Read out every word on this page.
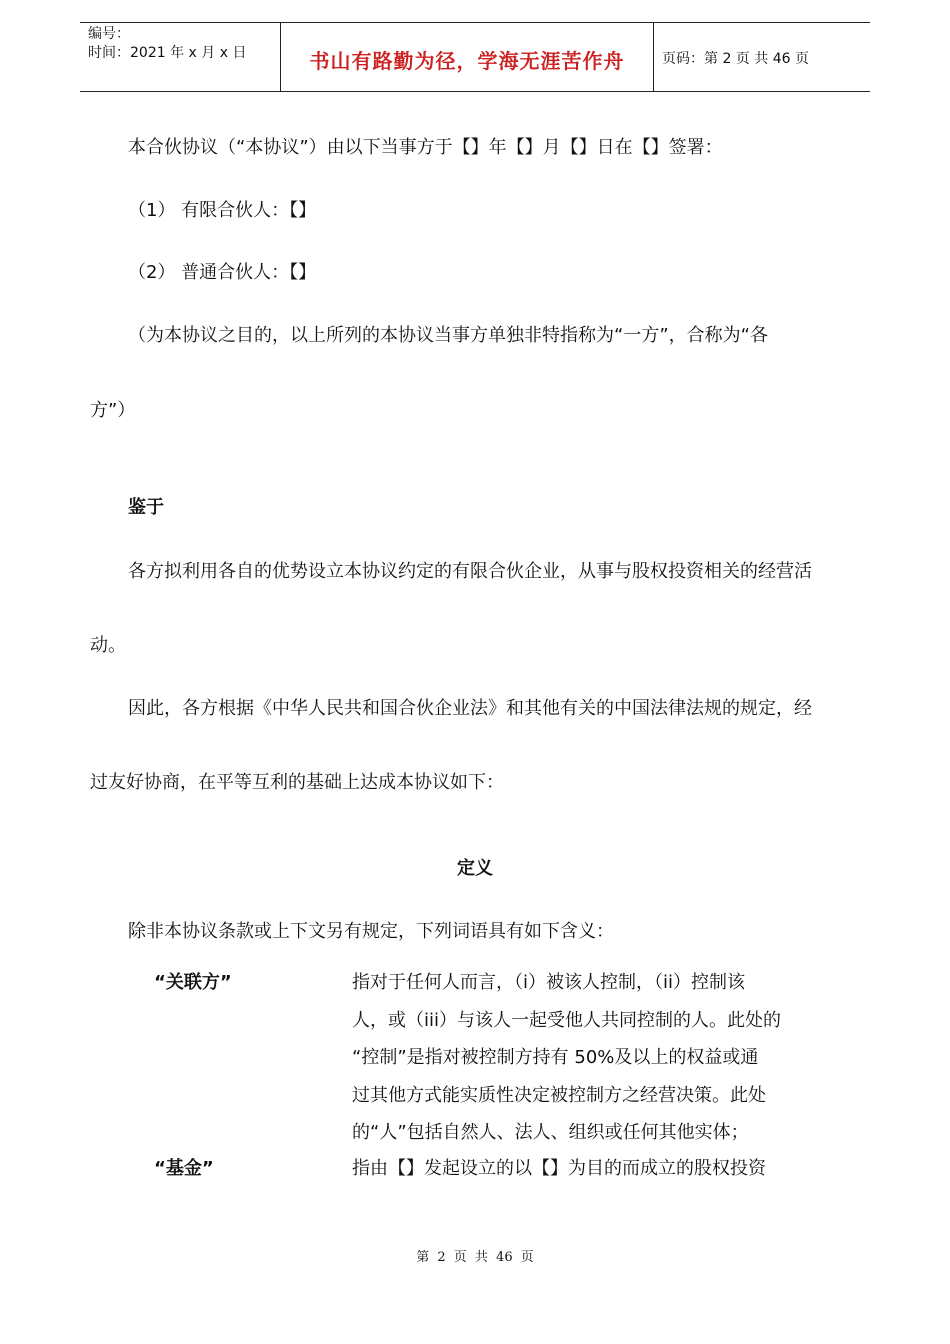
编号：
时间：2021 年 x 月 x 日	书山有路勤为径，学海无涯苦作舟	页码：第 2 页 共 46 页
本合伙协议（“本协议”）由以下当事方于【】年【】月【】日在【】签署：
（1） 有限合伙人：【】
（2） 普通合伙人：【】
（为本协议之目的，以上所列的本协议当事方单独非特指称为“一方”，合称为“各
方”）
鉴于
各方拟利用各自的优势设立本协议约定的有限合伙企业，从事与股权投资相关的经营活
动。
因此，各方根据《中华人民共和国合伙企业法》和其他有关的中国法律法规的规定，经
过友好协商，在平等互利的基础上达成本协议如下：
定义
除非本协议条款或上下文另有规定，下列词语具有如下含义：
“关联方”	指对于任何人而言，（i）被该人控制，（ii）控制该
人，或（iii）与该人一起受他人共同控制的人。此处的
“控制”是指对被控制方持有 50%及以上的权益或通
过其他方式能实质性决定被控制方之经营决策。此处
的“人”包括自然人、法人、组织或任何其他实体；
“基金”	指由【】发起设立的以【】为目的而成立的股权投资
第 2 页 共 46 页
